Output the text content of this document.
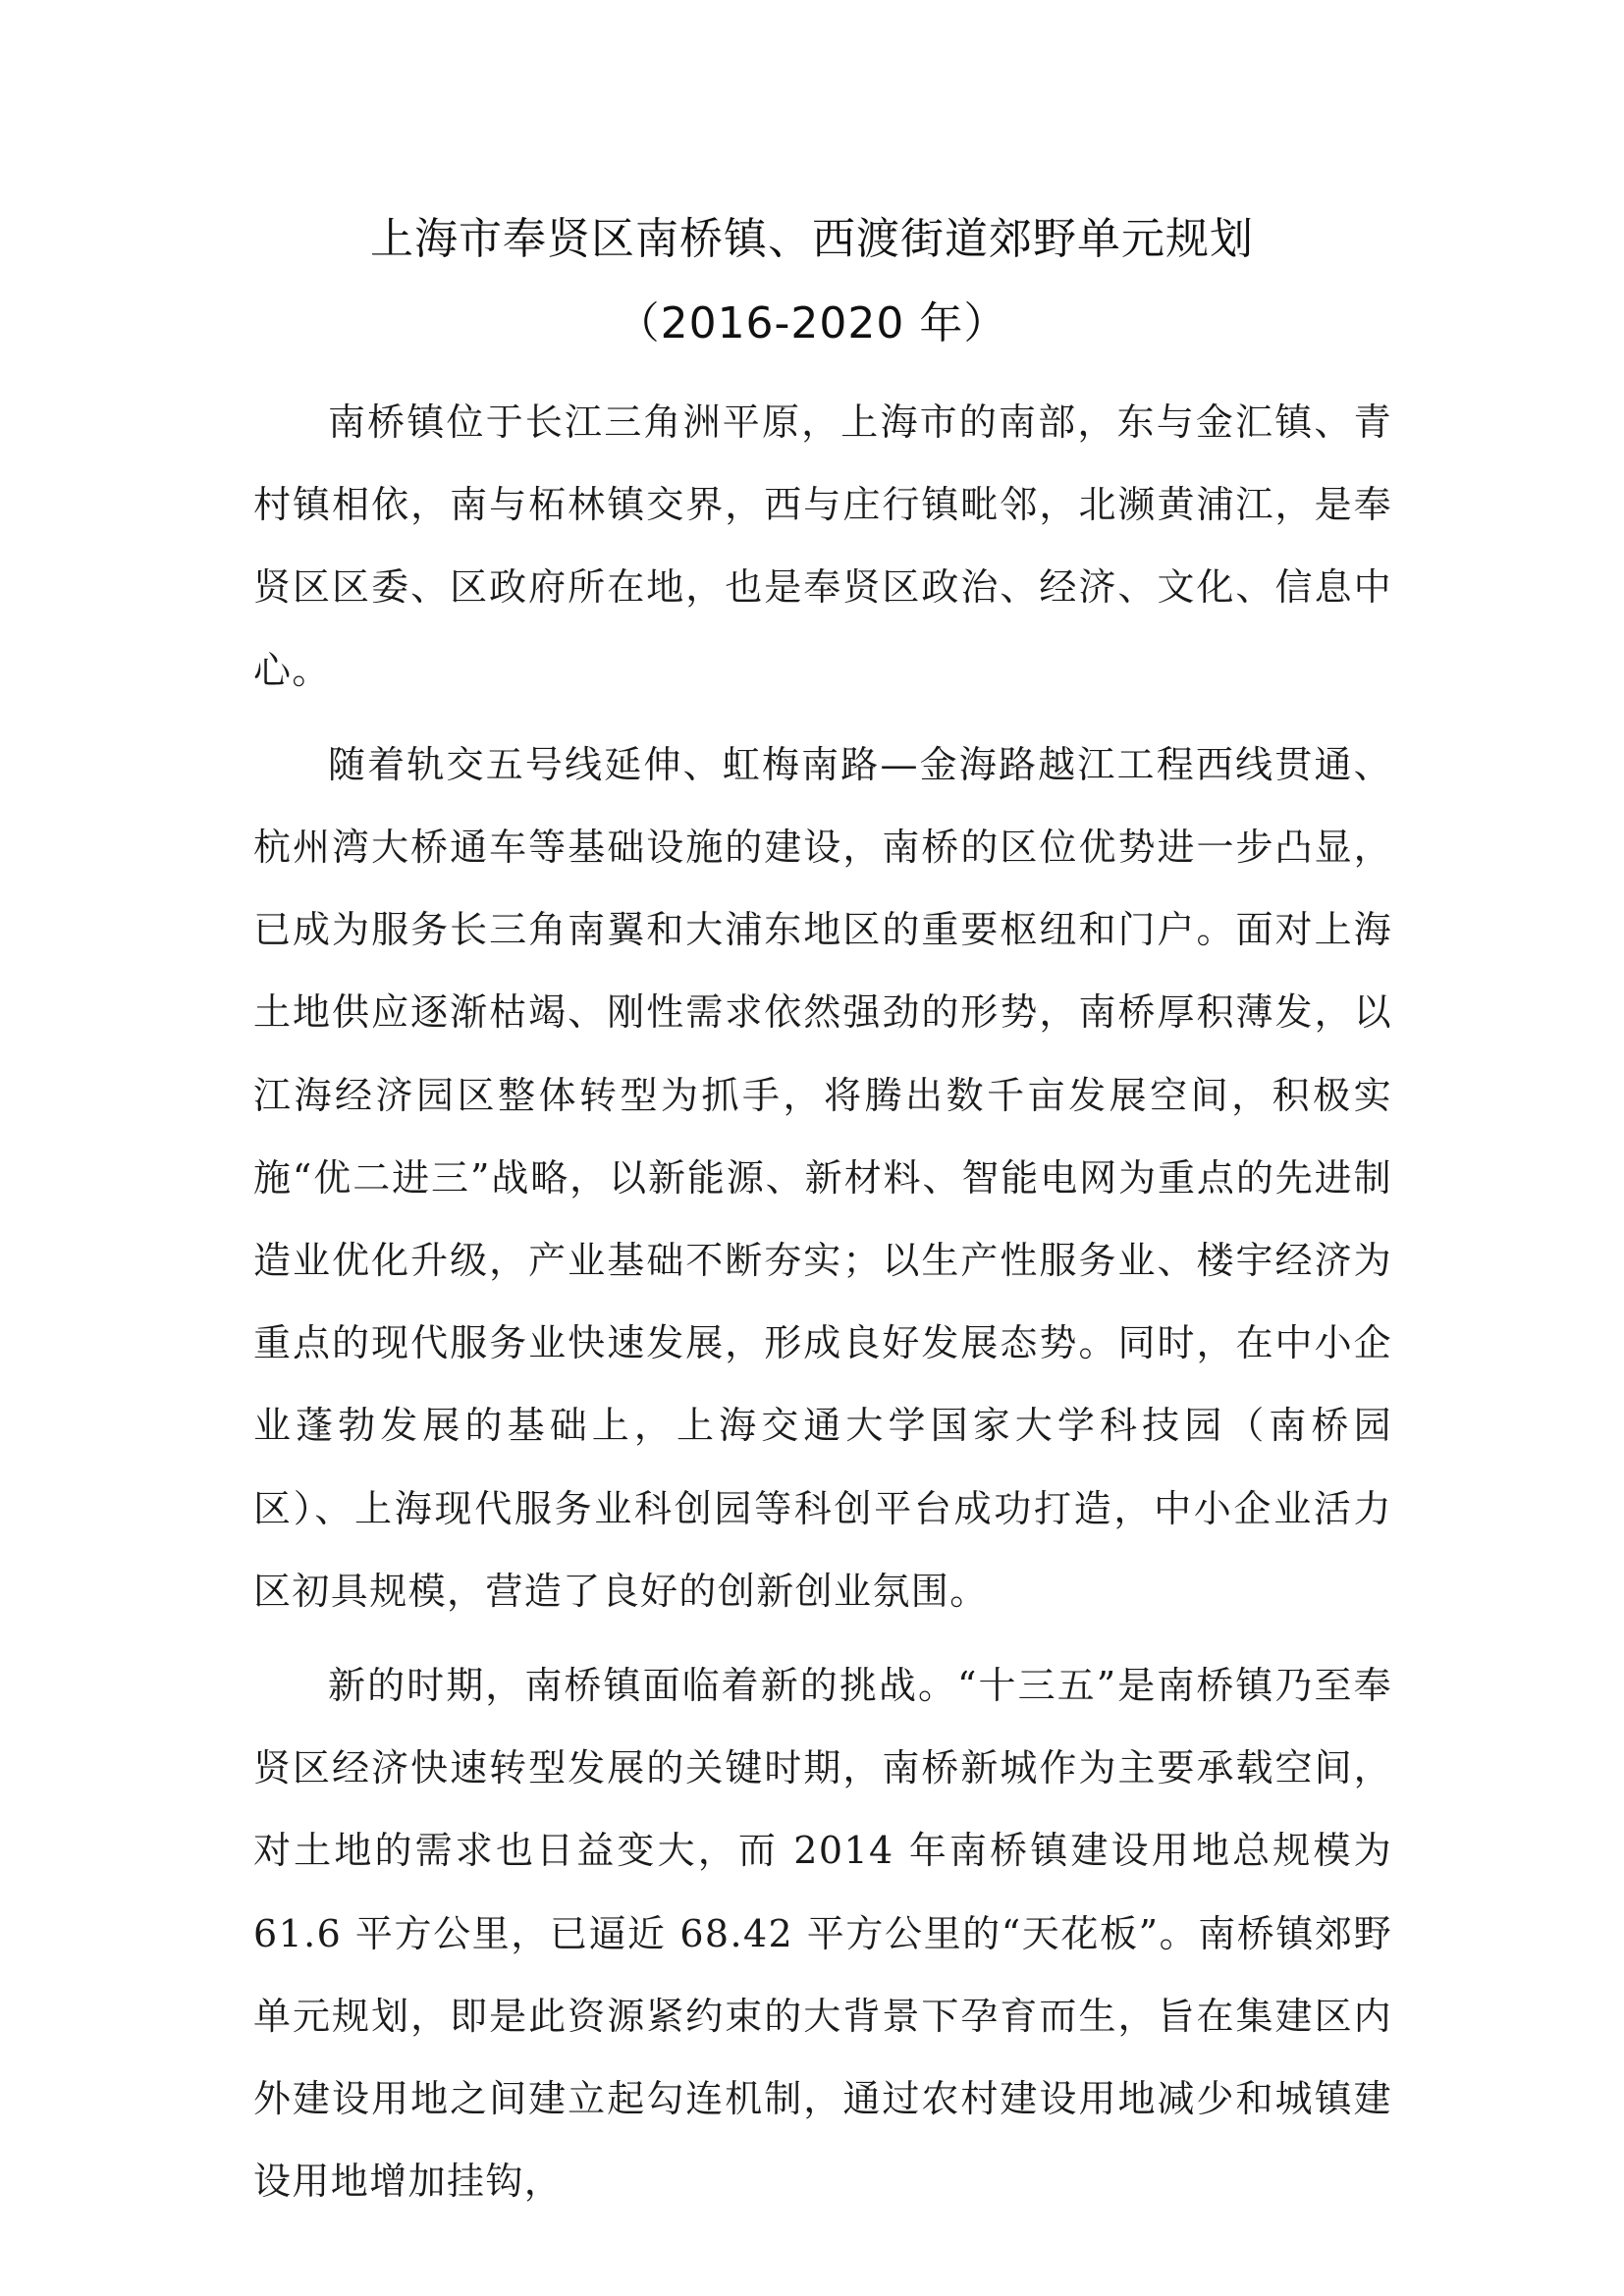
上海市奉贤区南桥镇、西渡街道郊野单元规划
（2016-2020 年）

南桥镇位于长江三角洲平原，上海市的南部，东与金汇镇、青村镇相依，南与柘林镇交界，西与庄行镇毗邻，北濒黄浦江，是奉贤区区委、区政府所在地，也是奉贤区政治、经济、文化、信息中心。

随着轨交五号线延伸、虹梅南路—金海路越江工程西线贯通、杭州湾大桥通车等基础设施的建设，南桥的区位优势进一步凸显，已成为服务长三角南翼和大浦东地区的重要枢纽和门户。面对上海土地供应逐渐枯竭、刚性需求依然强劲的形势，南桥厚积薄发，以江海经济园区整体转型为抓手，将腾出数千亩发展空间，积极实施“优二进三”战略，以新能源、新材料、智能电网为重点的先进制造业优化升级，产业基础不断夯实；以生产性服务业、楼宇经济为重点的现代服务业快速发展，形成良好发展态势。同时，在中小企业蓬勃发展的基础上，上海交通大学国家大学科技园（南桥园区）、上海现代服务业科创园等科创平台成功打造，中小企业活力区初具规模，营造了良好的创新创业氛围。

新的时期，南桥镇面临着新的挑战。“十三五”是南桥镇乃至奉贤区经济快速转型发展的关键时期，南桥新城作为主要承载空间，对土地的需求也日益变大，而 2014 年南桥镇建设用地总规模为 61.6 平方公里，已逼近 68.42 平方公里的“天花板”。南桥镇郊野单元规划，即是此资源紧约束的大背景下孕育而生，旨在集建区内外建设用地之间建立起勾连机制，通过农村建设用地减少和城镇建设用地增加挂钩，
